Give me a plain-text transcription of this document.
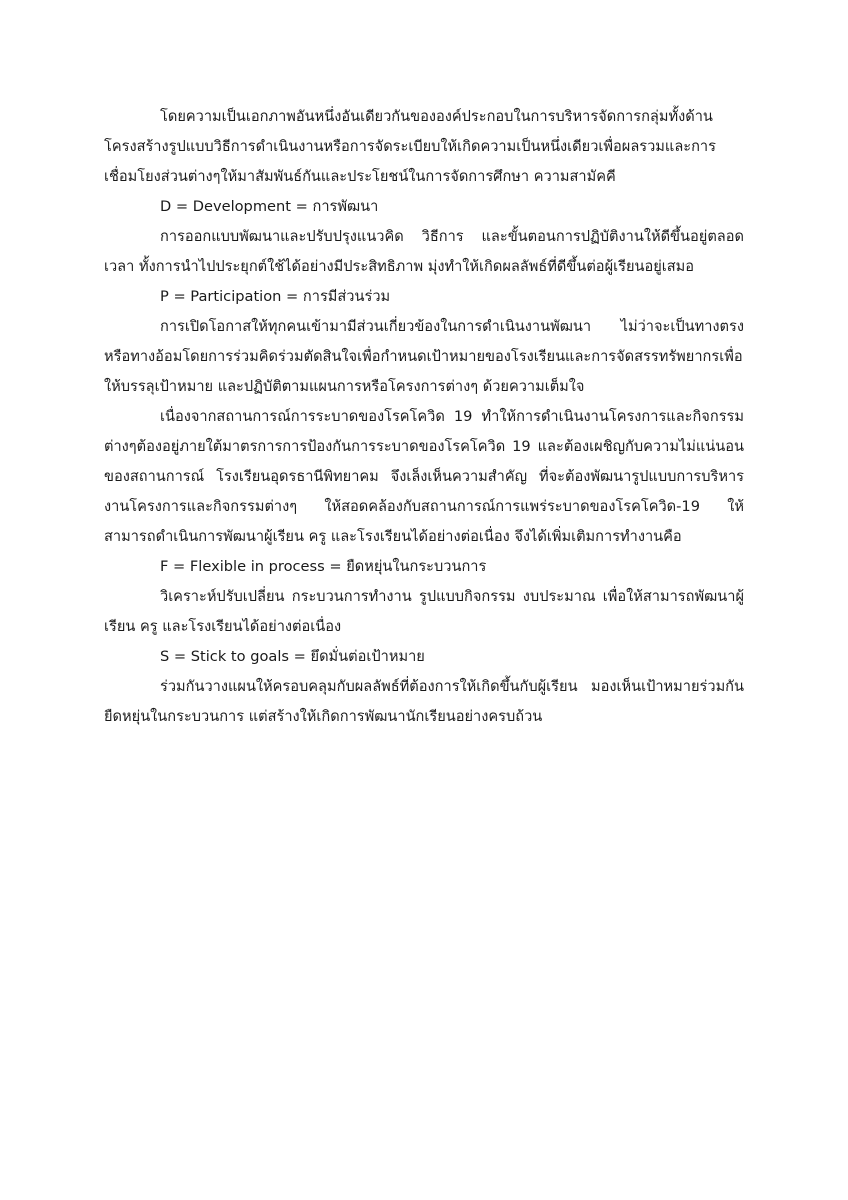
โดยความเป็นเอกภาพอันหนึ่งอันเดียวกันขององค์ประกอบในการบริหารจัดการกลุ่มทั้งด้านโครงสร้างรูปแบบวิธีการดำเนินงานหรือการจัดระเบียบให้เกิดความเป็นหนึ่งเดียวเพื่อผลรวมและการเชื่อมโยงส่วนต่างๆให้มาสัมพันธ์กันและประโยชน์ในการจัดการศึกษา ความสามัคคี

D = Development = การพัฒนา

การออกแบบพัฒนาและปรับปรุงแนวคิด วิธีการ และขั้นตอนการปฏิบัติงานให้ดีขึ้นอยู่ตลอดเวลา ทั้งการนำไปประยุกต์ใช้ได้อย่างมีประสิทธิภาพ มุ่งทำให้เกิดผลลัพธ์ที่ดีขึ้นต่อผู้เรียนอยู่เสมอ

P = Participation = การมีส่วนร่วม

การเปิดโอกาสให้ทุกคนเข้ามามีส่วนเกี่ยวข้องในการดำเนินงานพัฒนา ไม่ว่าจะเป็นทางตรงหรือทางอ้อมโดยการร่วมคิดร่วมตัดสินใจเพื่อกำหนดเป้าหมายของโรงเรียนและการจัดสรรทรัพยากรเพื่อให้บรรลุเป้าหมาย และปฏิบัติตามแผนการหรือโครงการต่างๆ ด้วยความเต็มใจ

เนื่องจากสถานการณ์การระบาดของโรคโควิด 19 ทำให้การดำเนินงานโครงการและกิจกรรมต่างๆต้องอยู่ภายใต้มาตรการการป้องกันการระบาดของโรคโควิด 19 และต้องเผชิญกับความไม่แน่นอนของสถานการณ์ โรงเรียนอุดรธานีพิทยาคม จึงเล็งเห็นความสำคัญ ที่จะต้องพัฒนารูปแบบการบริหารงานโครงการและกิจกรรมต่างๆ ให้สอดคล้องกับสถานการณ์การแพร่ระบาดของโรคโควิด-19 ให้สามารถดำเนินการพัฒนาผู้เรียน ครู และโรงเรียนได้อย่างต่อเนื่อง จึงได้เพิ่มเติมการทำงานคือ

F = Flexible in process = ยืดหยุ่นในกระบวนการ

วิเคราะห์ปรับเปลี่ยน กระบวนการทำงาน รูปแบบกิจกรรม งบประมาณ เพื่อให้สามารถพัฒนาผู้เรียน ครู และโรงเรียนได้อย่างต่อเนื่อง

S = Stick to goals = ยึดมั่นต่อเป้าหมาย

ร่วมกันวางแผนให้ครอบคลุมกับผลลัพธ์ที่ต้องการให้เกิดขึ้นกับผู้เรียน มองเห็นเป้าหมายร่วมกัน ยืดหยุ่นในกระบวนการ แต่สร้างให้เกิดการพัฒนานักเรียนอย่างครบถ้วน
